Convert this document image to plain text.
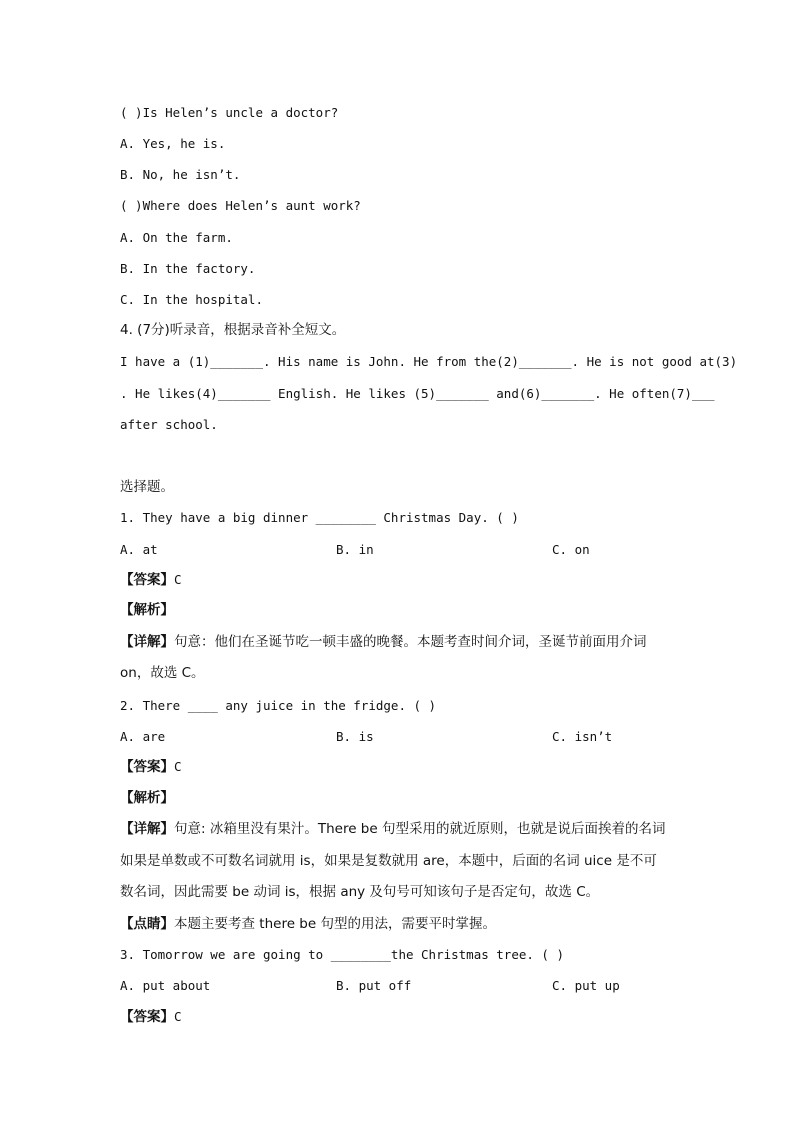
( )Is Helen’s uncle a doctor?
A. Yes, he is.
B. No, he isn’t.
( )Where does Helen’s aunt work?
A. On the farm.
B. In the factory.
C. In the hospital.
4. (7分)听录音，根据录音补全短文。
I have a (1)_______. His name is John. He from the(2)_______. He is not good at(3)
. He likes(4)_______ English. He likes (5)_______ and(6)_______. He often(7)___
after school.
选择题。
1. They have a big dinner ________ Christmas Day. ( )
A. at	B. in	C. on
【答案】C
【解析】
【详解】句意：他们在圣诞节吃一顿丰盛的晚餐。本题考查时间介词，圣诞节前面用介词
on，故选 C。
2. There ____ any juice in the fridge. ( )
A. are	B. is	C. isn’t
【答案】C
【解析】
【详解】句意: 冰箱里没有果汁。There be 句型采用的就近原则，也就是说后面挨着的名词
如果是单数或不可数名词就用 is，如果是复数就用 are，本题中，后面的名词 uice 是不可
数名词，因此需要 be 动词 is，根据 any 及句号可知该句子是否定句，故选 C。
【点睛】本题主要考查 there be 句型的用法，需要平时掌握。
3. Tomorrow we are going to ________the Christmas tree. ( )
A. put about	B. put off	C. put up
【答案】C
